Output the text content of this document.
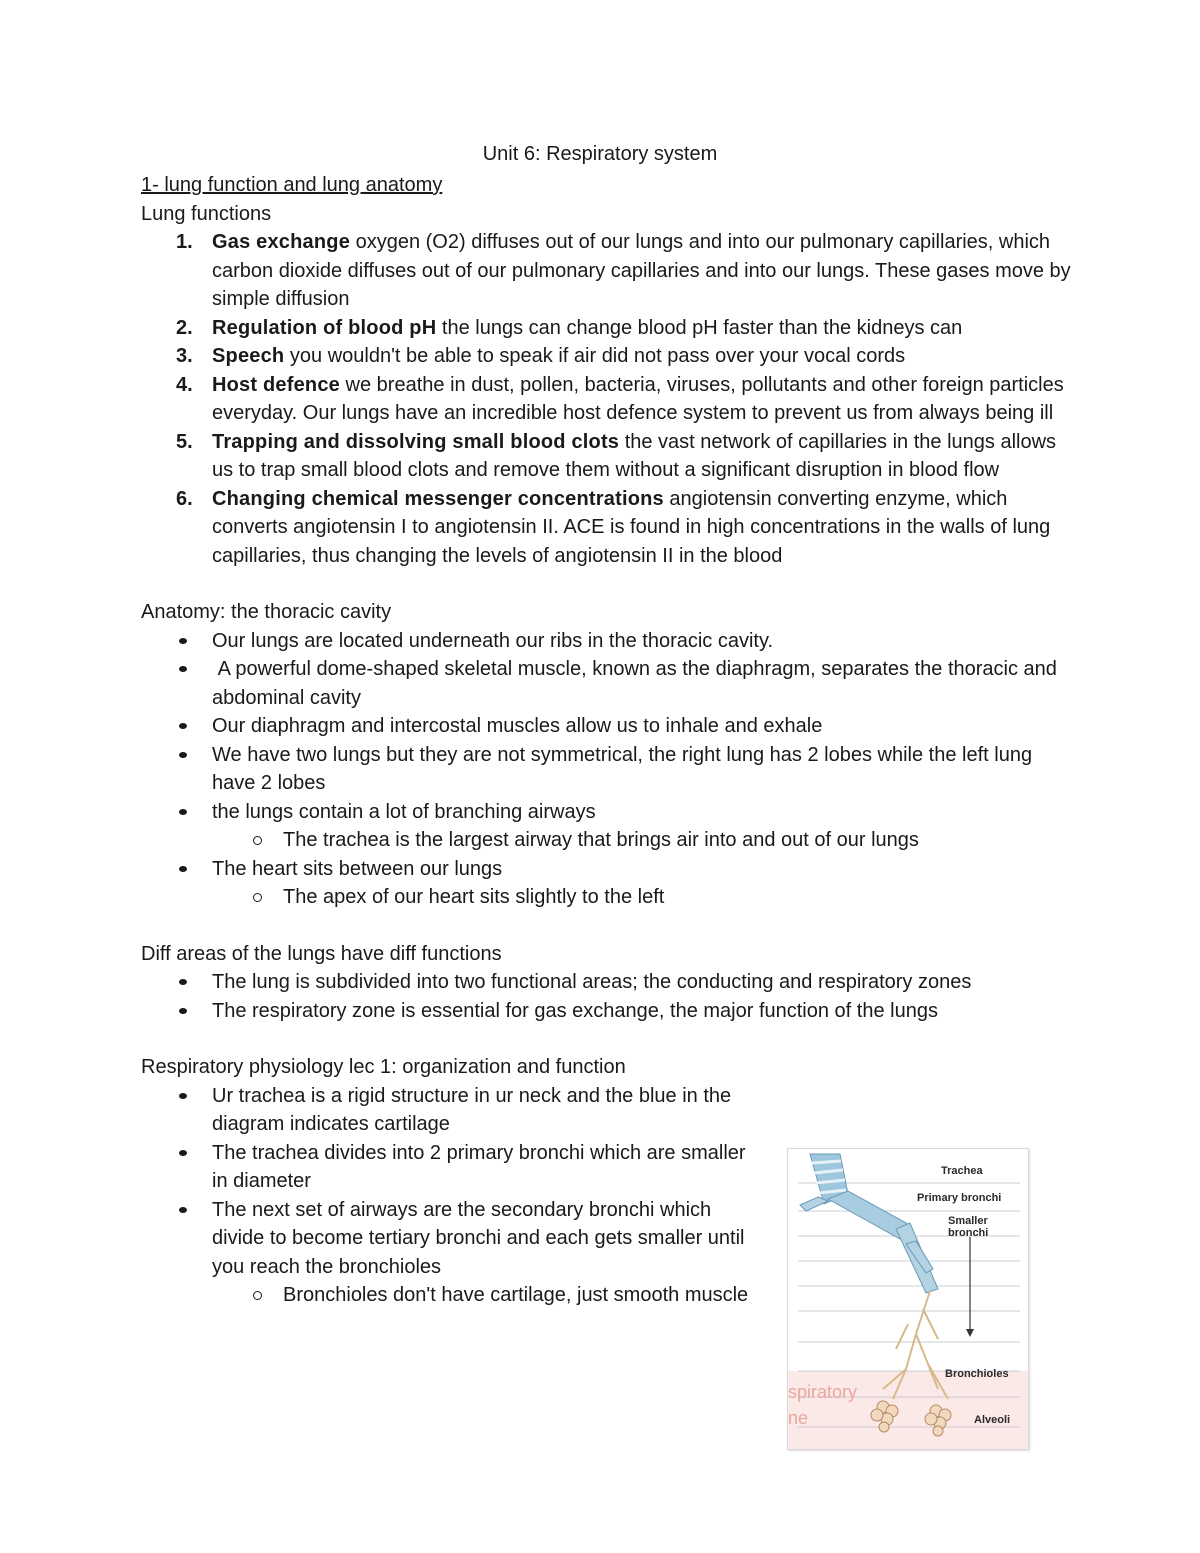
Unit 6: Respiratory system
1- lung function and lung anatomy
Lung functions
1. Gas exchange oxygen (O2) diffuses out of our lungs and into our pulmonary capillaries, which carbon dioxide diffuses out of our pulmonary capillaries and into our lungs. These gases move by simple diffusion
2. Regulation of blood pH the lungs can change blood pH faster than the kidneys can
3. Speech you wouldn't be able to speak if air did not pass over your vocal cords
4. Host defence we breathe in dust, pollen, bacteria, viruses, pollutants and other foreign particles everyday. Our lungs have an incredible host defence system to prevent us from always being ill
5. Trapping and dissolving small blood clots the vast network of capillaries in the lungs allows us to trap small blood clots and remove them without a significant disruption in blood flow
6. Changing chemical messenger concentrations angiotensin converting enzyme, which converts angiotensin I to angiotensin II. ACE is found in high concentrations in the walls of lung capillaries, thus changing the levels of angiotensin II in the blood
Anatomy: the thoracic cavity
Our lungs are located underneath our ribs in the thoracic cavity.
A powerful dome-shaped skeletal muscle, known as the diaphragm, separates the thoracic and abdominal cavity
Our diaphragm and intercostal muscles allow us to inhale and exhale
We have two lungs but they are not symmetrical, the right lung has 2 lobes while the left lung have 2 lobes
the lungs contain a lot of branching airways
The trachea is the largest airway that brings air into and out of our lungs
The heart sits between our lungs
The apex of our heart sits slightly to the left
Diff areas of the lungs have diff functions
The lung is subdivided into two functional areas; the conducting and respiratory zones
The respiratory zone is essential for gas exchange, the major function of the lungs
Respiratory physiology lec 1: organization and function
Ur trachea is a rigid structure in ur neck and the blue in the diagram indicates cartilage
The trachea divides into 2 primary bronchi which are smaller in diameter
The next set of airways are the secondary bronchi which divide to become tertiary bronchi and each gets smaller until you reach the bronchioles
Bronchioles don't have cartilage, just smooth muscle
Trachea
Primary bronchi
Smaller bronchi
Bronchioles
Alveoli
spiratory
ne
